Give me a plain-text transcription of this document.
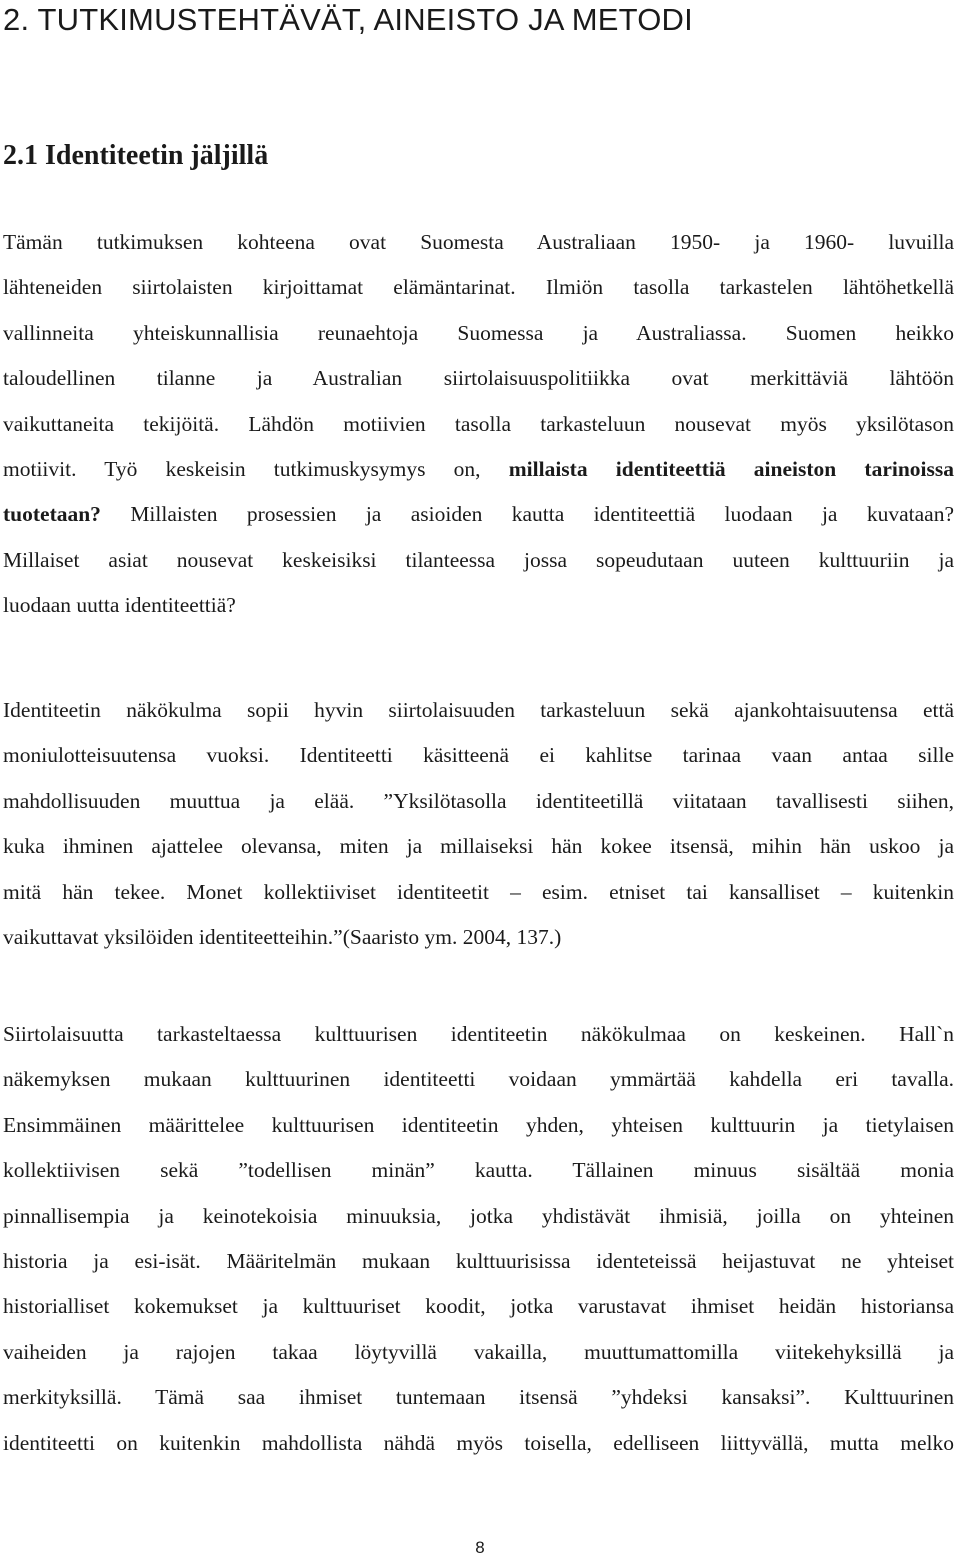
2. TUTKIMUSTEHTÄVÄT, AINEISTO JA METODI
2.1 Identiteetin jäljillä
Tämän tutkimuksen kohteena ovat Suomesta Australiaan 1950- ja 1960- luvuilla
lähteneiden siirtolaisten kirjoittamat elämäntarinat. Ilmiön tasolla tarkastelen lähtöhetkellä
vallinneita yhteiskunnallisia reunaehtoja Suomessa ja Australiassa. Suomen heikko
taloudellinen tilanne ja Australian siirtolaisuuspolitiikka ovat merkittäviä lähtöön
vaikuttaneita tekijöitä. Lähdön motiivien tasolla tarkasteluun nousevat myös yksilötason
motiivit. Työ keskeisin tutkimuskysymys on, millaista identiteettiä aineiston tarinoissa
tuotetaan? Millaisten prosessien ja asioiden kautta identiteettiä luodaan ja kuvataan?
Millaiset asiat nousevat keskeisiksi tilanteessa jossa sopeudutaan uuteen kulttuuriin ja
luodaan uutta identiteettiä?
Identiteetin näkökulma sopii hyvin siirtolaisuuden tarkasteluun sekä ajankohtaisuutensa että
moniulotteisuutensa vuoksi. Identiteetti käsitteenä ei kahlitse tarinaa vaan antaa sille
mahdollisuuden muuttua ja elää. ”Yksilötasolla identiteetillä viitataan tavallisesti siihen,
kuka ihminen ajattelee olevansa, miten ja millaiseksi hän kokee itsensä, mihin hän uskoo ja
mitä hän tekee. Monet kollektiiviset identiteetit – esim. etniset tai kansalliset – kuitenkin
vaikuttavat yksilöiden identiteetteihin.”(Saaristo ym. 2004, 137.)
Siirtolaisuutta tarkasteltaessa kulttuurisen identiteetin näkökulmaa on keskeinen. Hall`n
näkemyksen mukaan kulttuurinen identiteetti voidaan ymmärtää kahdella eri tavalla.
Ensimmäinen määrittelee kulttuurisen identiteetin yhden, yhteisen kulttuurin ja tietylaisen
kollektiivisen sekä ”todellisen minän” kautta. Tällainen minuus sisältää monia
pinnallisempia ja keinotekoisia minuuksia, jotka yhdistävät ihmisiä, joilla on yhteinen
historia ja esi-isät. Määritelmän mukaan kulttuurisissa identeteissä heijastuvat ne yhteiset
historialliset kokemukset ja kulttuuriset koodit, jotka varustavat ihmiset heidän historiansa
vaiheiden ja rajojen takaa löytyvillä vakailla, muuttumattomilla viitekehyksillä ja
merkityksillä. Tämä saa ihmiset tuntemaan itsensä ”yhdeksi kansaksi”. Kulttuurinen
identiteetti on kuitenkin mahdollista nähdä myös toisella, edelliseen liittyvällä, mutta melko
8
